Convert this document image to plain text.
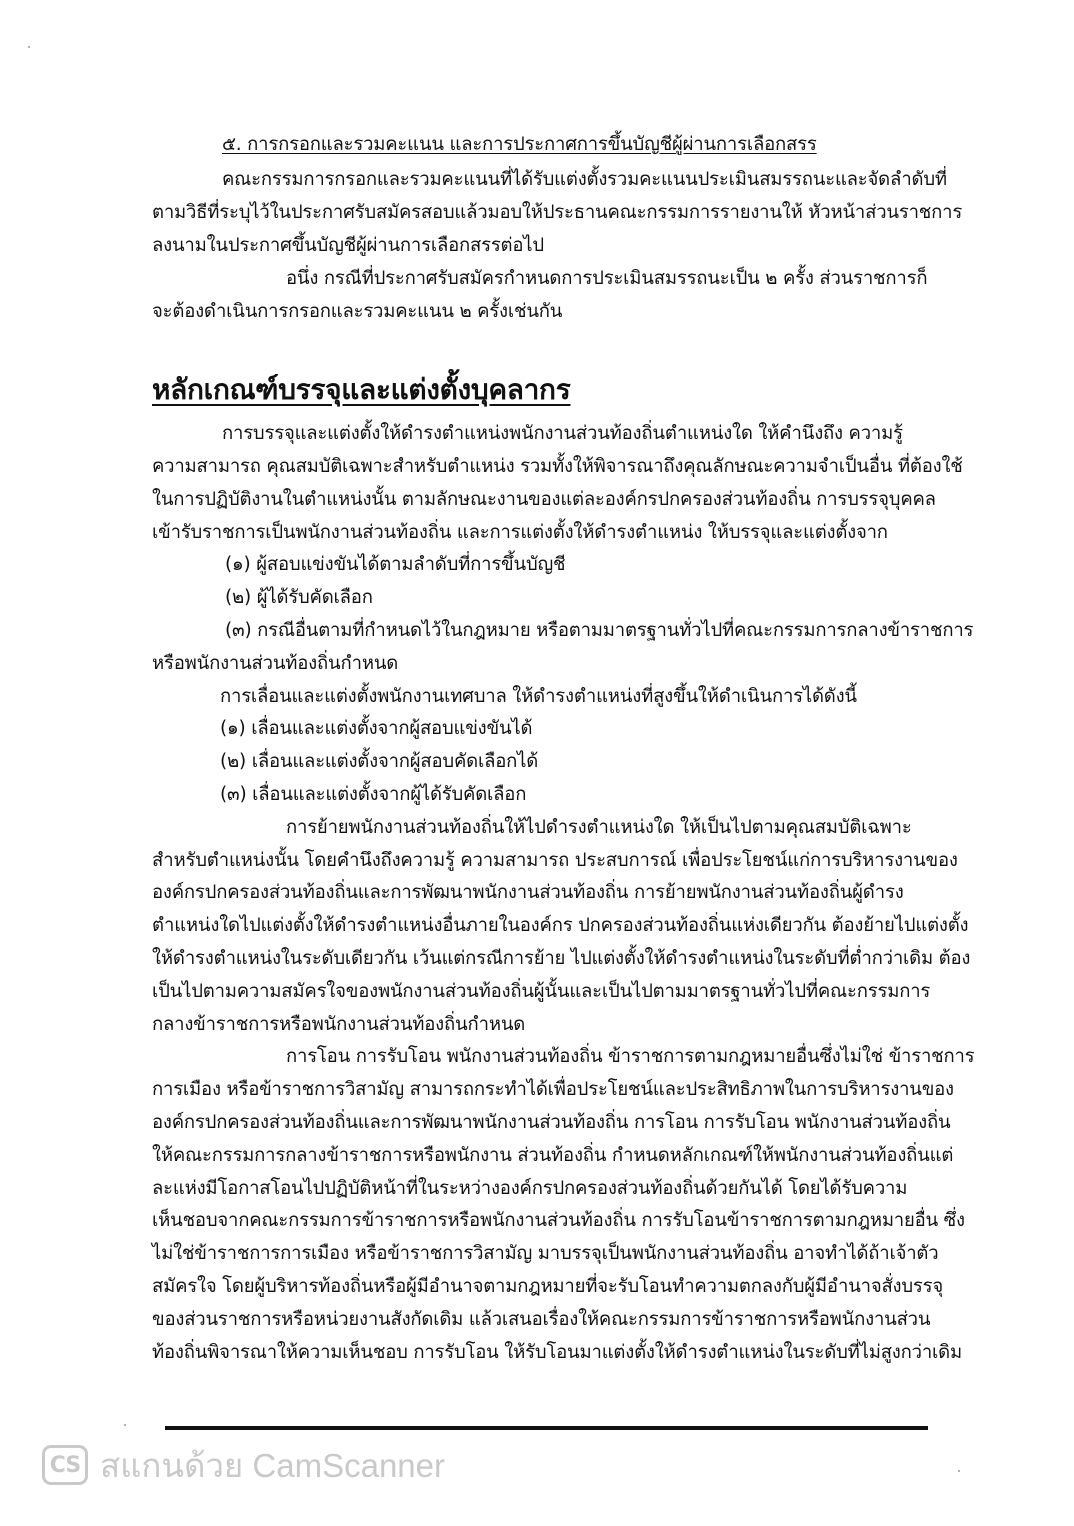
๕. การกรอกและรวมคะแนน และการประกาศการขึ้นบัญชีผู้ผ่านการเลือกสรร
คณะกรรมการกรอกและรวมคะแนนที่ได้รับแต่งตั้งรวมคะแนนประเมินสมรรถนะและจัดลำดับที่
ตามวิธีที่ระบุไว้ในประกาศรับสมัครสอบแล้วมอบให้ประธานคณะกรรมการรายงานให้ หัวหน้าส่วนราชการ
ลงนามในประกาศขึ้นบัญชีผู้ผ่านการเลือกสรรต่อไป
อนึ่ง กรณีที่ประกาศรับสมัครกำหนดการประเมินสมรรถนะเป็น ๒ ครั้ง ส่วนราชการก็
จะต้องดำเนินการกรอกและรวมคะแนน ๒ ครั้งเช่นกัน
หลักเกณฑ์บรรจุและแต่งตั้งบุคลากร
การบรรจุและแต่งตั้งให้ดำรงตำแหน่งพนักงานส่วนท้องถิ่นตำแหน่งใด ให้คำนึงถึง ความรู้
ความสามารถ คุณสมบัติเฉพาะสำหรับตำแหน่ง รวมทั้งให้พิจารณาถึงคุณลักษณะความจำเป็นอื่น ที่ต้องใช้
ในการปฏิบัติงานในตำแหน่งนั้น ตามลักษณะงานของแต่ละองค์กรปกครองส่วนท้องถิ่น การบรรจุบุคคล
เข้ารับราชการเป็นพนักงานส่วนท้องถิ่น และการแต่งตั้งให้ดำรงตำแหน่ง ให้บรรจุและแต่งตั้งจาก
(๑) ผู้สอบแข่งขันได้ตามลำดับที่การขึ้นบัญชี
(๒) ผู้ได้รับคัดเลือก
(๓) กรณีอื่นตามที่กำหนดไว้ในกฎหมาย หรือตามมาตรฐานทั่วไปที่คณะกรรมการกลางข้าราชการ
หรือพนักงานส่วนท้องถิ่นกำหนด
การเลื่อนและแต่งตั้งพนักงานเทศบาล ให้ดำรงตำแหน่งที่สูงขึ้นให้ดำเนินการได้ดังนี้
(๑) เลื่อนและแต่งตั้งจากผู้สอบแข่งขันได้
(๒) เลื่อนและแต่งตั้งจากผู้สอบคัดเลือกได้
(๓) เลื่อนและแต่งตั้งจากผู้ได้รับคัดเลือก
การย้ายพนักงานส่วนท้องถิ่นให้ไปดำรงตำแหน่งใด ให้เป็นไปตามคุณสมบัติเฉพาะ
สำหรับตำแหน่งนั้น โดยคำนึงถึงความรู้ ความสามารถ ประสบการณ์ เพื่อประโยชน์แก่การบริหารงานของ
องค์กรปกครองส่วนท้องถิ่นและการพัฒนาพนักงานส่วนท้องถิ่น การย้ายพนักงานส่วนท้องถิ่นผู้ดำรง
ตำแหน่งใดไปแต่งตั้งให้ดำรงตำแหน่งอื่นภายในองค์กร ปกครองส่วนท้องถิ่นแห่งเดียวกัน ต้องย้ายไปแต่งตั้ง
ให้ดำรงตำแหน่งในระดับเดียวกัน เว้นแต่กรณีการย้าย ไปแต่งตั้งให้ดำรงตำแหน่งในระดับที่ต่ำกว่าเดิม ต้อง
เป็นไปตามความสมัครใจของพนักงานส่วนท้องถิ่นผู้นั้นและเป็นไปตามมาตรฐานทั่วไปที่คณะกรรมการ
กลางข้าราชการหรือพนักงานส่วนท้องถิ่นกำหนด
การโอน การรับโอน พนักงานส่วนท้องถิ่น ข้าราชการตามกฎหมายอื่นซึ่งไม่ใช่ ข้าราชการ
การเมือง หรือข้าราชการวิสามัญ สามารถกระทำได้เพื่อประโยชน์และประสิทธิภาพในการบริหารงานของ
องค์กรปกครองส่วนท้องถิ่นและการพัฒนาพนักงานส่วนท้องถิ่น การโอน การรับโอน พนักงานส่วนท้องถิ่น
ให้คณะกรรมการกลางข้าราชการหรือพนักงาน ส่วนท้องถิ่น กำหนดหลักเกณฑ์ให้พนักงานส่วนท้องถิ่นแต่
ละแห่งมีโอกาสโอนไปปฏิบัติหน้าที่ในระหว่างองค์กรปกครองส่วนท้องถิ่นด้วยกันได้ โดยได้รับความ
เห็นชอบจากคณะกรรมการข้าราชการหรือพนักงานส่วนท้องถิ่น การรับโอนข้าราชการตามกฎหมายอื่น ซึ่ง
ไม่ใช่ข้าราชการการเมือง หรือข้าราชการวิสามัญ มาบรรจุเป็นพนักงานส่วนท้องถิ่น อาจทำได้ถ้าเจ้าตัว
สมัครใจ โดยผู้บริหารท้องถิ่นหรือผู้มีอำนาจตามกฎหมายที่จะรับโอนทำความตกลงกับผู้มีอำนาจสั่งบรรจุ
ของส่วนราชการหรือหน่วยงานสังกัดเดิม แล้วเสนอเรื่องให้คณะกรรมการข้าราชการหรือพนักงานส่วน
ท้องถิ่นพิจารณาให้ความเห็นชอบ การรับโอน ให้รับโอนมาแต่งตั้งให้ดำรงตำแหน่งในระดับที่ไม่สูงกว่าเดิม
CS สแกนด้วย CamScanner
